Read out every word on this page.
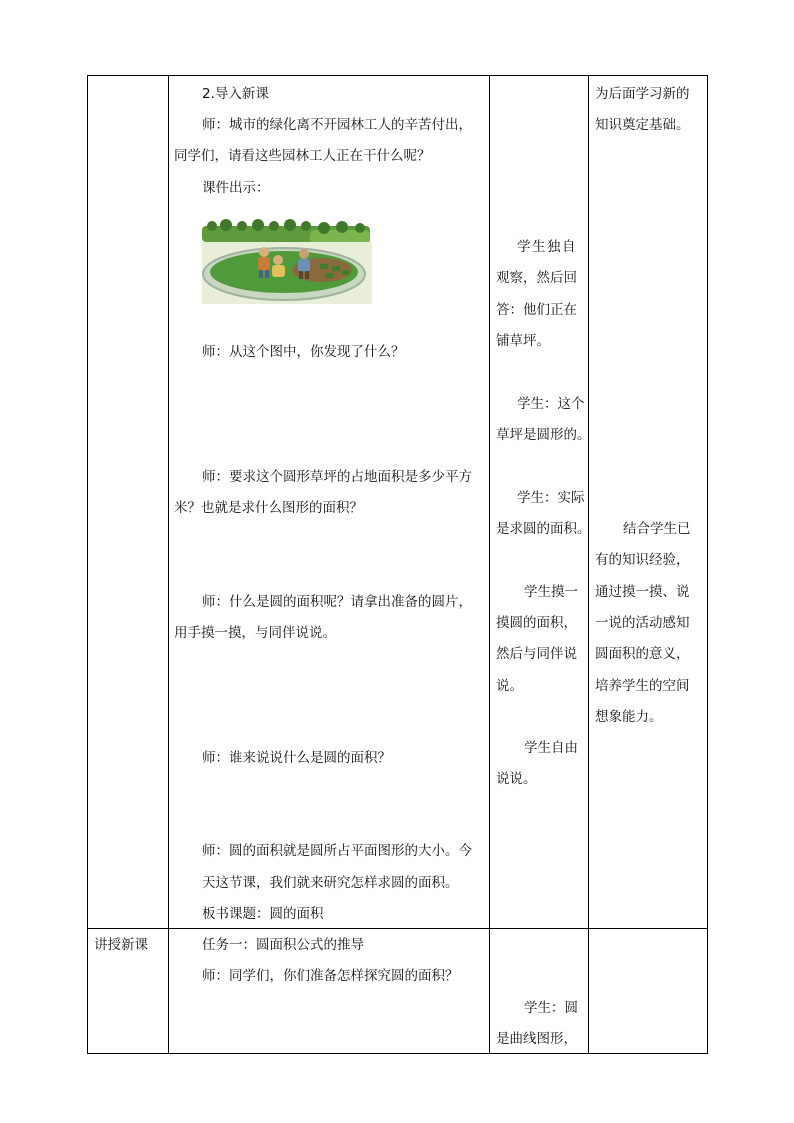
2.导入新课
师：城市的绿化离不开园林工人的辛苦付出，
同学们，请看这些园林工人正在干什么呢？
课件出示：
师：从这个图中，你发现了什么？
师：要求这个圆形草坪的占地面积是多少平方
米？也就是求什么图形的面积？
师：什么是圆的面积呢？请拿出准备的圆片，
用手摸一摸，与同伴说说。
师：谁来说说什么是圆的面积？
师：圆的面积就是圆所占平面图形的大小。今
天这节课，我们就来研究怎样求圆的面积。
板书课题：圆的面积
学生独自
观察，然后回
答：他们正在
铺草坪。
学生：这个
草坪是圆形的。
学生：实际
是求圆的面积。
学生摸一
摸圆的面积，
然后与同伴说
说。
学生自由
说说。
为后面学习新的
知识奠定基础。
结合学生已
有的知识经验，
通过摸一摸、说
一说的活动感知
圆面积的意义，
培养学生的空间
想象能力。
讲授新课	任务一：圆面积公式的推导
师：同学们，你们准备怎样探究圆的面积？
学生：圆
是曲线图形，
